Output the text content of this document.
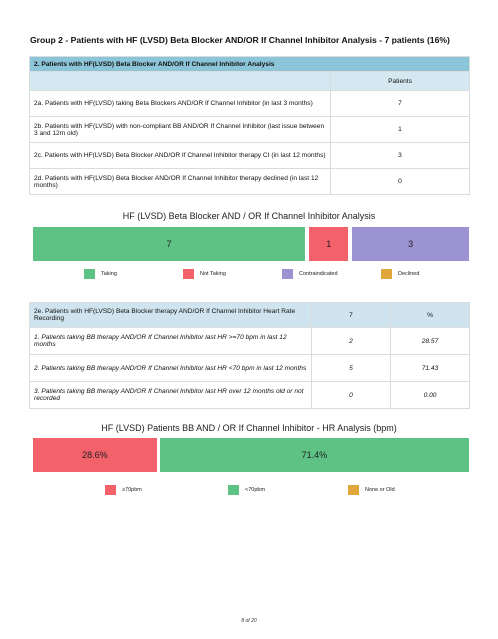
Group 2 - Patients with HF (LVSD) Beta Blocker AND/OR If Channel Inhibitor Analysis - 7 patients (16%)
2. Patients with HF(LVSD) Beta Blocker AND/OR If Channel Inhibitor Analysis	
	Patients
2a. Patients with HF(LVSD) taking Beta Blockers AND/OR If Channel Inhibitor (in last 3 months)	7
2b. Patients with HF(LVSD) with non-compliant BB AND/OR If Channel Inhibitor (last issue between 3 and 12m old)	1
2c. Patients with HF(LVSD) Beta Blocker AND/OR If Channel Inhibitor therapy CI (in last 12 months)	3
2d. Patients with HF(LVSD) Beta Blocker AND/OR If Channel Inhibitor therapy declined (in last 12 months)	0
HF (LVSD) Beta Blocker AND / OR If Channel Inhibitor Analysis
7	1	3
Taking	Not Taking	Contraindicated	Declined
2e. Patients with HF(LVSD) Beta Blocker therapy AND/OR If Channel Inhibitor Heart Rate Recording	7	%
1. Patients taking BB therapy AND/OR If Channel Inhibitor last HR >=70 bpm in last 12 months	2	28.57
2. Patients taking BB therapy AND/OR If Channel Inhibitor last HR <70 bpm in last 12 months	5	71.43
3. Patients taking BB therapy AND/OR If Channel Inhibitor last HR over 12 months old or not recorded	0	0.00
HF (LVSD) Patients BB AND / OR If Channel Inhibitor - HR Analysis (bpm)
28.6%	71.4%
≥70pbm	<70pbm	None or Old
8 of 20
